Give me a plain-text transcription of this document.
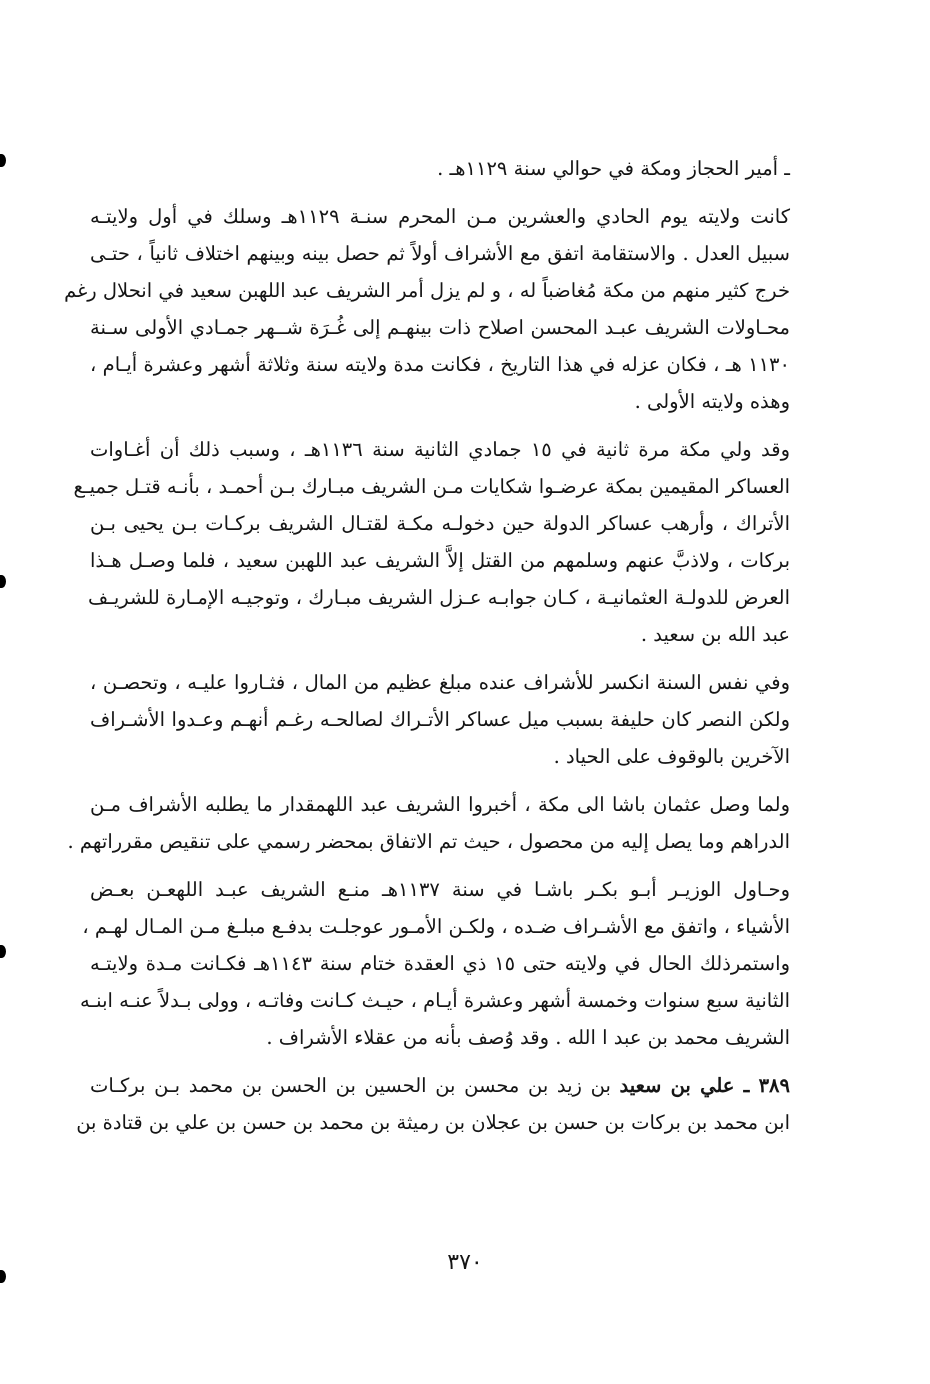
ـ أمير الحجاز ومكة في حوالي سنة ١١٢٩هـ .
كانت ولايته يوم الحادي والعشرين مـن المحرم سنـة ١١٢٩هـ وسلك في أول ولايتـه
سبيل العدل . والاستقامة اتفق مع الأشراف أولاً ثم حصل بينه وبينهم اختلاف ثانياً ، حتـى
خرج كثير منهم من مكة مُغاضباً له ، و لم يزل أمر الشريف عبد اللهبن سعيد في انحلال رغم
محـاولات الشريف عبـد المحسن اصلاح ذات بينهـم إلى غُـرَة شــهر جمـادي الأولى سـنة
١١٣٠ هـ ، فكان عزله في هذا التاريخ ، فكانت مدة ولايته سنة وثلاثة أشهر وعشرة أيـام ،
وهذه ولايته الأولى .
وقد ولي مكة مرة ثانية في ١٥ جمادي الثانية سنة ١١٣٦هـ ، وسبب ذلك أن أغـاوات
العساكر المقيمين بمكة عرضـوا شكايات مـن الشريف مبـارك بـن أحمـد ، بأنـه قتـل جميـع
الأتراك ، وأرهب عساكر الدولة حين دخولـه مكـة لقتـال الشريف بركـات بـن يحيى بـن
بركات ، ولاذبَّ عنهم وسلمهم من القتل إلاَّ الشريف عبد اللهبن سعيد ، فلما وصـل هـذا
العرض للدولـة العثمانيـة ، كـان جوابـه عـزل الشريف مبـارك ، وتوجيـه الإمـارة للشريـف
عبد الله بن سعيد .
وفي نفس السنة انكسر للأشراف عنده مبلغ عظيم من المال ، فثـاروا عليـه ، وتحصـن ،
ولكن النصر كان حليفة بسبب ميل عساكر الأتـراك لصالحـه رغـم أنهـم وعـدوا الأشـراف
الآخرين بالوقوف على الحياد .
ولما وصل عثمان باشا الى مكة ، أخبروا الشريف عبد اللهمقدار ما يطلبه الأشراف مـن
الدراهم وما يصل إليه من محصول ، حيث تم الاتفاق بمحضر رسمي على تنقيص مقرراتهم .
وحـاول الوزيـر أبـو بكـر باشـا في سنة ١١٣٧هـ منـع الشريف عبـد اللهعـن بعـض
الأشياء ، واتفق مع الأشـراف ضـده ، ولكـن الأمـور عوجلـت بدفـع مبلـغ مـن المـال لهـم ،
واستمرذلك الحال في ولايته حتى ١٥ ذي العقدة ختام سنة ١١٤٣هـ فكـانت مـدة ولايتـه
الثانية سبع سنوات وخمسة أشهر وعشرة أيـام ، حيـث كـانت وفاتـه ، وولى بـدلاً عنـه ابنـه
الشريف محمد بن عبد ا الله . وقد وُصف بأنه من عقلاء الأشراف .
٣٨٩ ـ علي بن سعيد بن زيد بن محسن بن الحسين بن الحسن بن محمد بـن بركـات
ابن محمد بن بركات بن حسن بن عجلان بن رميثة بن محمد بن حسن بن علي بن قتادة بن
٣٧٠
